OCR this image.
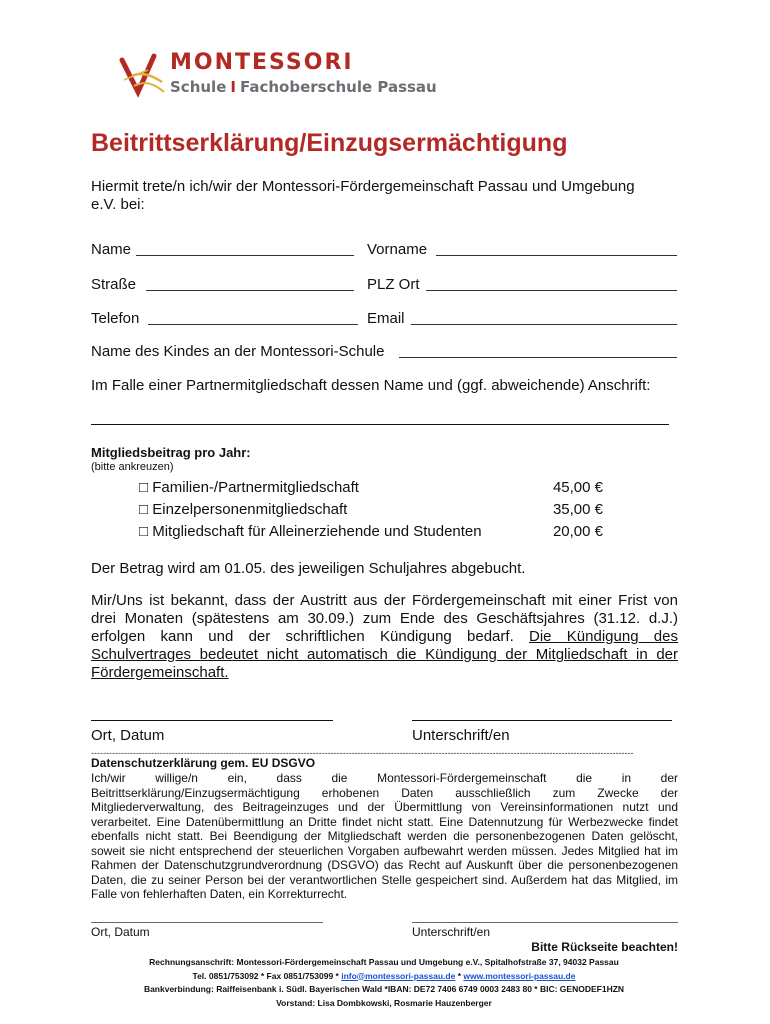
MONTESSORI
Schule I Fachoberschule Passau
Beitrittserklärung/Einzugsermächtigung
Hiermit trete/n ich/wir der Montessori-Fördergemeinschaft Passau und Umgebung e.V. bei:
Name	Vorname
Straße	PLZ Ort
Telefon	Email
Name des Kindes an der Montessori-Schule
Im Falle einer Partnermitgliedschaft dessen Name und (ggf. abweichende) Anschrift:
Mitgliedsbeitrag pro Jahr:
(bitte ankreuzen)
□ Familien-/Partnermitgliedschaft	45,00 €
□ Einzelpersonenmitgliedschaft	35,00 €
□ Mitgliedschaft für Alleinerziehende und Studenten	20,00 €
Der Betrag wird am 01.05. des jeweiligen Schuljahres abgebucht.
Mir/Uns ist bekannt, dass der Austritt aus der Fördergemeinschaft mit einer Frist von drei Monaten (spätestens am 30.09.) zum Ende des Geschäftsjahres (31.12. d.J.) erfolgen kann und der schriftlichen Kündigung bedarf. Die Kündigung des Schulvertrages bedeutet nicht automatisch die Kündigung der Mitgliedschaft in der Fördergemeinschaft.
Ort, Datum	Unterschrift/en
-------------------------------------------------------------------------------------------------------------------------------------------------------------------------------------
Datenschutzerklärung gem. EU DSGVO
Ich/wir willige/n ein, dass die Montessori-Fördergemeinschaft die in der Beitrittserklärung/Einzugsermächtigung erhobenen Daten ausschließlich zum Zwecke der Mitgliederverwaltung, des Beitrageinzuges und der Übermittlung von Vereinsinformationen nutzt und verarbeitet. Eine Datenübermittlung an Dritte findet nicht statt. Eine Datennutzung für Werbezwecke findet ebenfalls nicht statt. Bei Beendigung der Mitgliedschaft werden die personenbezogenen Daten gelöscht, soweit sie nicht entsprechend der steuerlichen Vorgaben aufbewahrt werden müssen. Jedes Mitglied hat im Rahmen der Datenschutzgrundverordnung (DSGVO) das Recht auf Auskunft über die personenbezogenen Daten, die zu seiner Person bei der verantwortlichen Stelle gespeichert sind. Außerdem hat das Mitglied, im Falle von fehlerhaften Daten, ein Korrekturrecht.
Ort, Datum	Unterschrift/en
Bitte Rückseite beachten!
Rechnungsanschrift: Montessori-Fördergemeinschaft Passau und Umgebung e.V., Spitalhofstraße 37, 94032 Passau
Tel. 0851/753092 * Fax 0851/753099 * info@montessori-passau.de * www.montessori-passau.de
Bankverbindung: Raiffeisenbank i. Südl. Bayerischen Wald *IBAN: DE72 7406 6749 0003 2483 80 * BIC: GENODEF1HZN
Vorstand: Lisa Dombkowski, Rosmarie Hauzenberger
